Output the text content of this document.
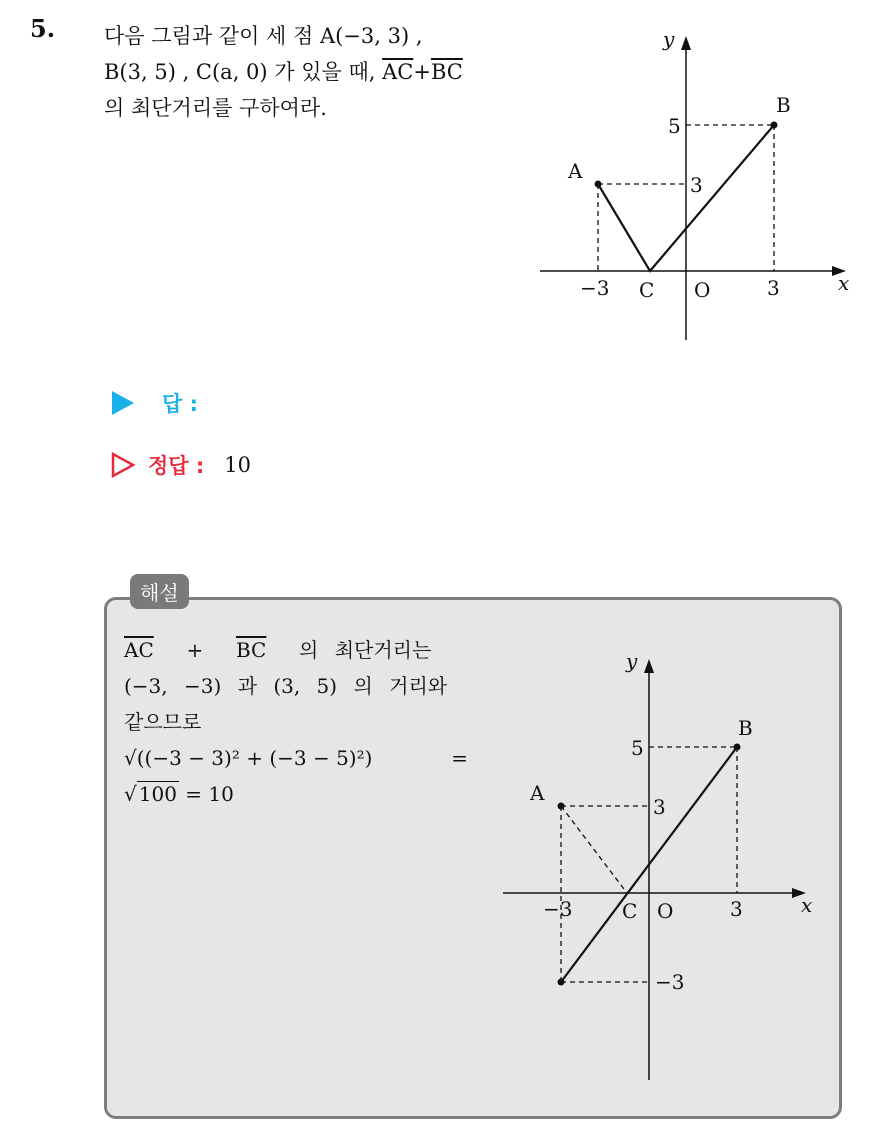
5. 다음 그림과 같이 세 점 A(−3, 3) ,
B(3, 5) , C(a, 0) 가 있을 때, $\overline{AC}+\overline{BC}$
의 최단거리를 구하여라.
A
B
C O
−3	3
3
5
x
y
답 :
정답 : 10
해설
$\overline{AC} + \overline{BC}$ 의 최단거리는
(−3, −3) 과 (3, 5) 의 거리와
같으므로
√((−3 − 3)² + (−3 − 5)²)	=
√ 100 = 10	A
B
C O
−3	3
3
5
−3
x
y
